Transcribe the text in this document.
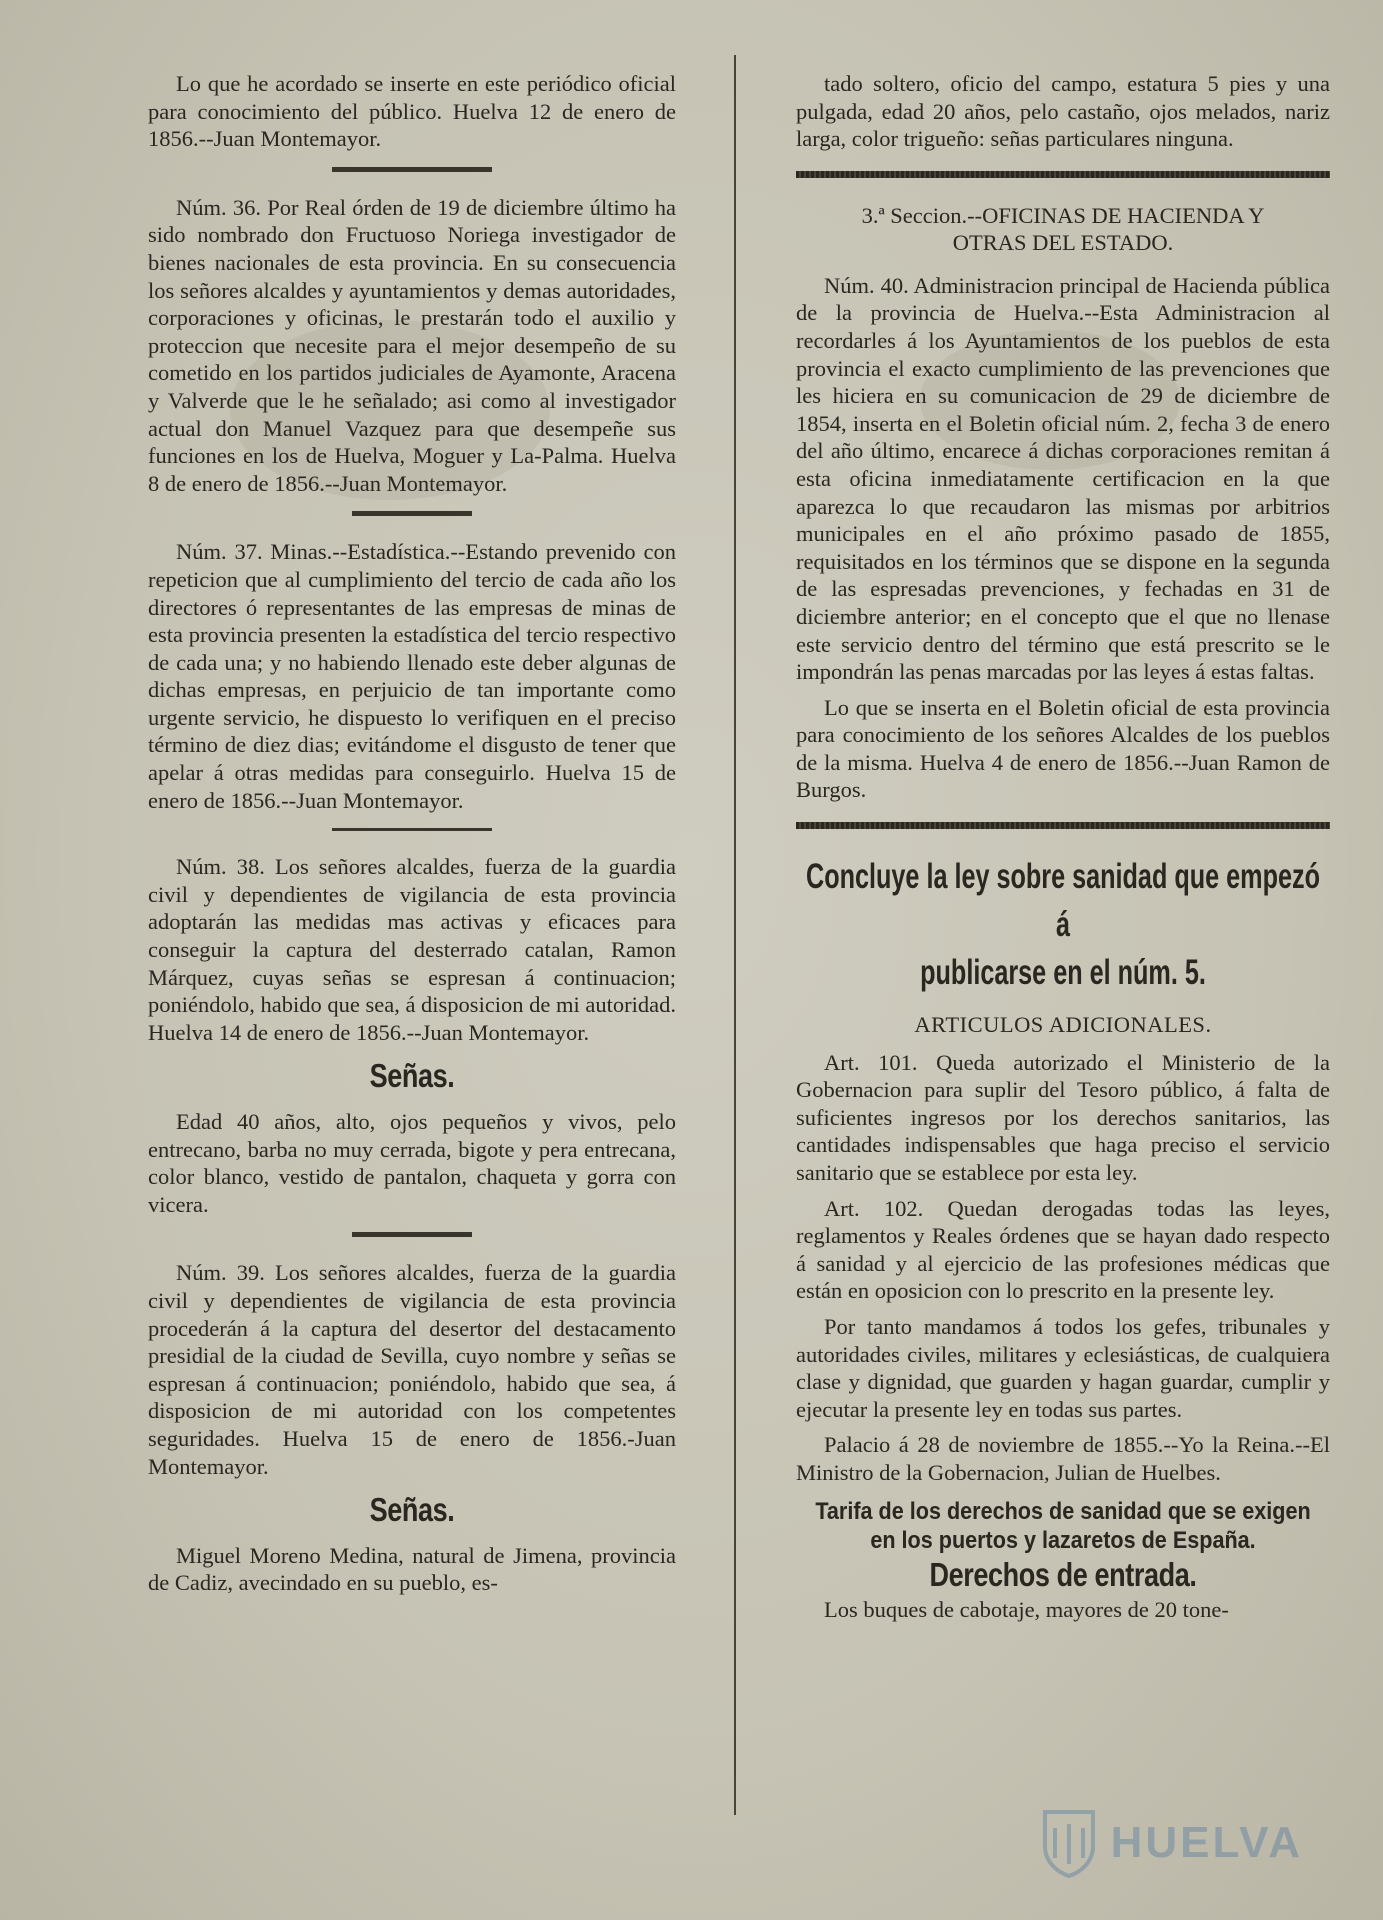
Lo que he acordado se inserte en este periódico oficial para conocimiento del público. Huelva 12 de enero de 1856.--Juan Montemayor.

Núm. 36. Por Real órden de 19 de diciembre último ha sido nombrado don Fructuoso Noriega investigador de bienes nacionales de esta provincia. En su consecuencia los señores alcaldes y ayuntamientos y demas autoridades, corporaciones y oficinas, le prestarán todo el auxilio y proteccion que necesite para el mejor desempeño de su cometido en los partidos judiciales de Ayamonte, Aracena y Valverde que le he señalado; asi como al investigador actual don Manuel Vazquez para que desempeñe sus funciones en los de Huelva, Moguer y La-Palma. Huelva 8 de enero de 1856.--Juan Montemayor.

Núm. 37. Minas.--Estadística.--Estando prevenido con repeticion que al cumplimiento del tercio de cada año los directores ó representantes de las empresas de minas de esta provincia presenten la estadística del tercio respectivo de cada una; y no habiendo llenado este deber algunas de dichas empresas, en perjuicio de tan importante como urgente servicio, he dispuesto lo verifiquen en el preciso término de diez dias; evitándome el disgusto de tener que apelar á otras medidas para conseguirlo. Huelva 15 de enero de 1856.--Juan Montemayor.

Núm. 38. Los señores alcaldes, fuerza de la guardia civil y dependientes de vigilancia de esta provincia adoptarán las medidas mas activas y eficaces para conseguir la captura del desterrado catalan, Ramon Márquez, cuyas señas se espresan á continuacion; poniéndolo, habido que sea, á disposicion de mi autoridad. Huelva 14 de enero de 1856.--Juan Montemayor.

Señas.

Edad 40 años, alto, ojos pequeños y vivos, pelo entrecano, barba no muy cerrada, bigote y pera entrecana, color blanco, vestido de pantalon, chaqueta y gorra con vicera.

Núm. 39. Los señores alcaldes, fuerza de la guardia civil y dependientes de vigilancia de esta provincia procederán á la captura del desertor del destacamento presidial de la ciudad de Sevilla, cuyo nombre y señas se espresan á continuacion; poniéndolo, habido que sea, á disposicion de mi autoridad con los competentes seguridades. Huelva 15 de enero de 1856.-Juan Montemayor.

Señas.

Miguel Moreno Medina, natural de Jimena, provincia de Cadiz, avecindado en su pueblo, es-

tado soltero, oficio del campo, estatura 5 pies y una pulgada, edad 20 años, pelo castaño, ojos melados, nariz larga, color trigueño: señas particulares ninguna.

3.ª Seccion.--OFICINAS DE HACIENDA Y
OTRAS DEL ESTADO.

Núm. 40. Administracion principal de Hacienda pública de la provincia de Huelva.--Esta Administracion al recordarles á los Ayuntamientos de los pueblos de esta provincia el exacto cumplimiento de las prevenciones que les hiciera en su comunicacion de 29 de diciembre de 1854, inserta en el Boletin oficial núm. 2, fecha 3 de enero del año último, encarece á dichas corporaciones remitan á esta oficina inmediatamente certificacion en la que aparezca lo que recaudaron las mismas por arbitrios municipales en el año próximo pasado de 1855, requisitados en los términos que se dispone en la segunda de las espresadas prevenciones, y fechadas en 31 de diciembre anterior; en el concepto que el que no llenase este servicio dentro del término que está prescrito se le impondrán las penas marcadas por las leyes á estas faltas.

Lo que se inserta en el Boletin oficial de esta provincia para conocimiento de los señores Alcaldes de los pueblos de la misma. Huelva 4 de enero de 1856.--Juan Ramon de Burgos.

Concluye la ley sobre sanidad que empezó á
publicarse en el núm. 5.
ARTICULOS ADICIONALES.

Art. 101. Queda autorizado el Ministerio de la Gobernacion para suplir del Tesoro público, á falta de suficientes ingresos por los derechos sanitarios, las cantidades indispensables que haga preciso el servicio sanitario que se establece por esta ley.

Art. 102. Quedan derogadas todas las leyes, reglamentos y Reales órdenes que se hayan dado respecto á sanidad y al ejercicio de las profesiones médicas que están en oposicion con lo prescrito en la presente ley.

Por tanto mandamos á todos los gefes, tribunales y autoridades civiles, militares y eclesiásticas, de cualquiera clase y dignidad, que guarden y hagan guardar, cumplir y ejecutar la presente ley en todas sus partes.

Palacio á 28 de noviembre de 1855.--Yo la Reina.--El Ministro de la Gobernacion, Julian de Huelbes.

Tarifa de los derechos de sanidad que se exigen
en los puertos y lazaretos de España.
Derechos de entrada.

Los buques de cabotaje, mayores de 20 tone-

HUELVA
